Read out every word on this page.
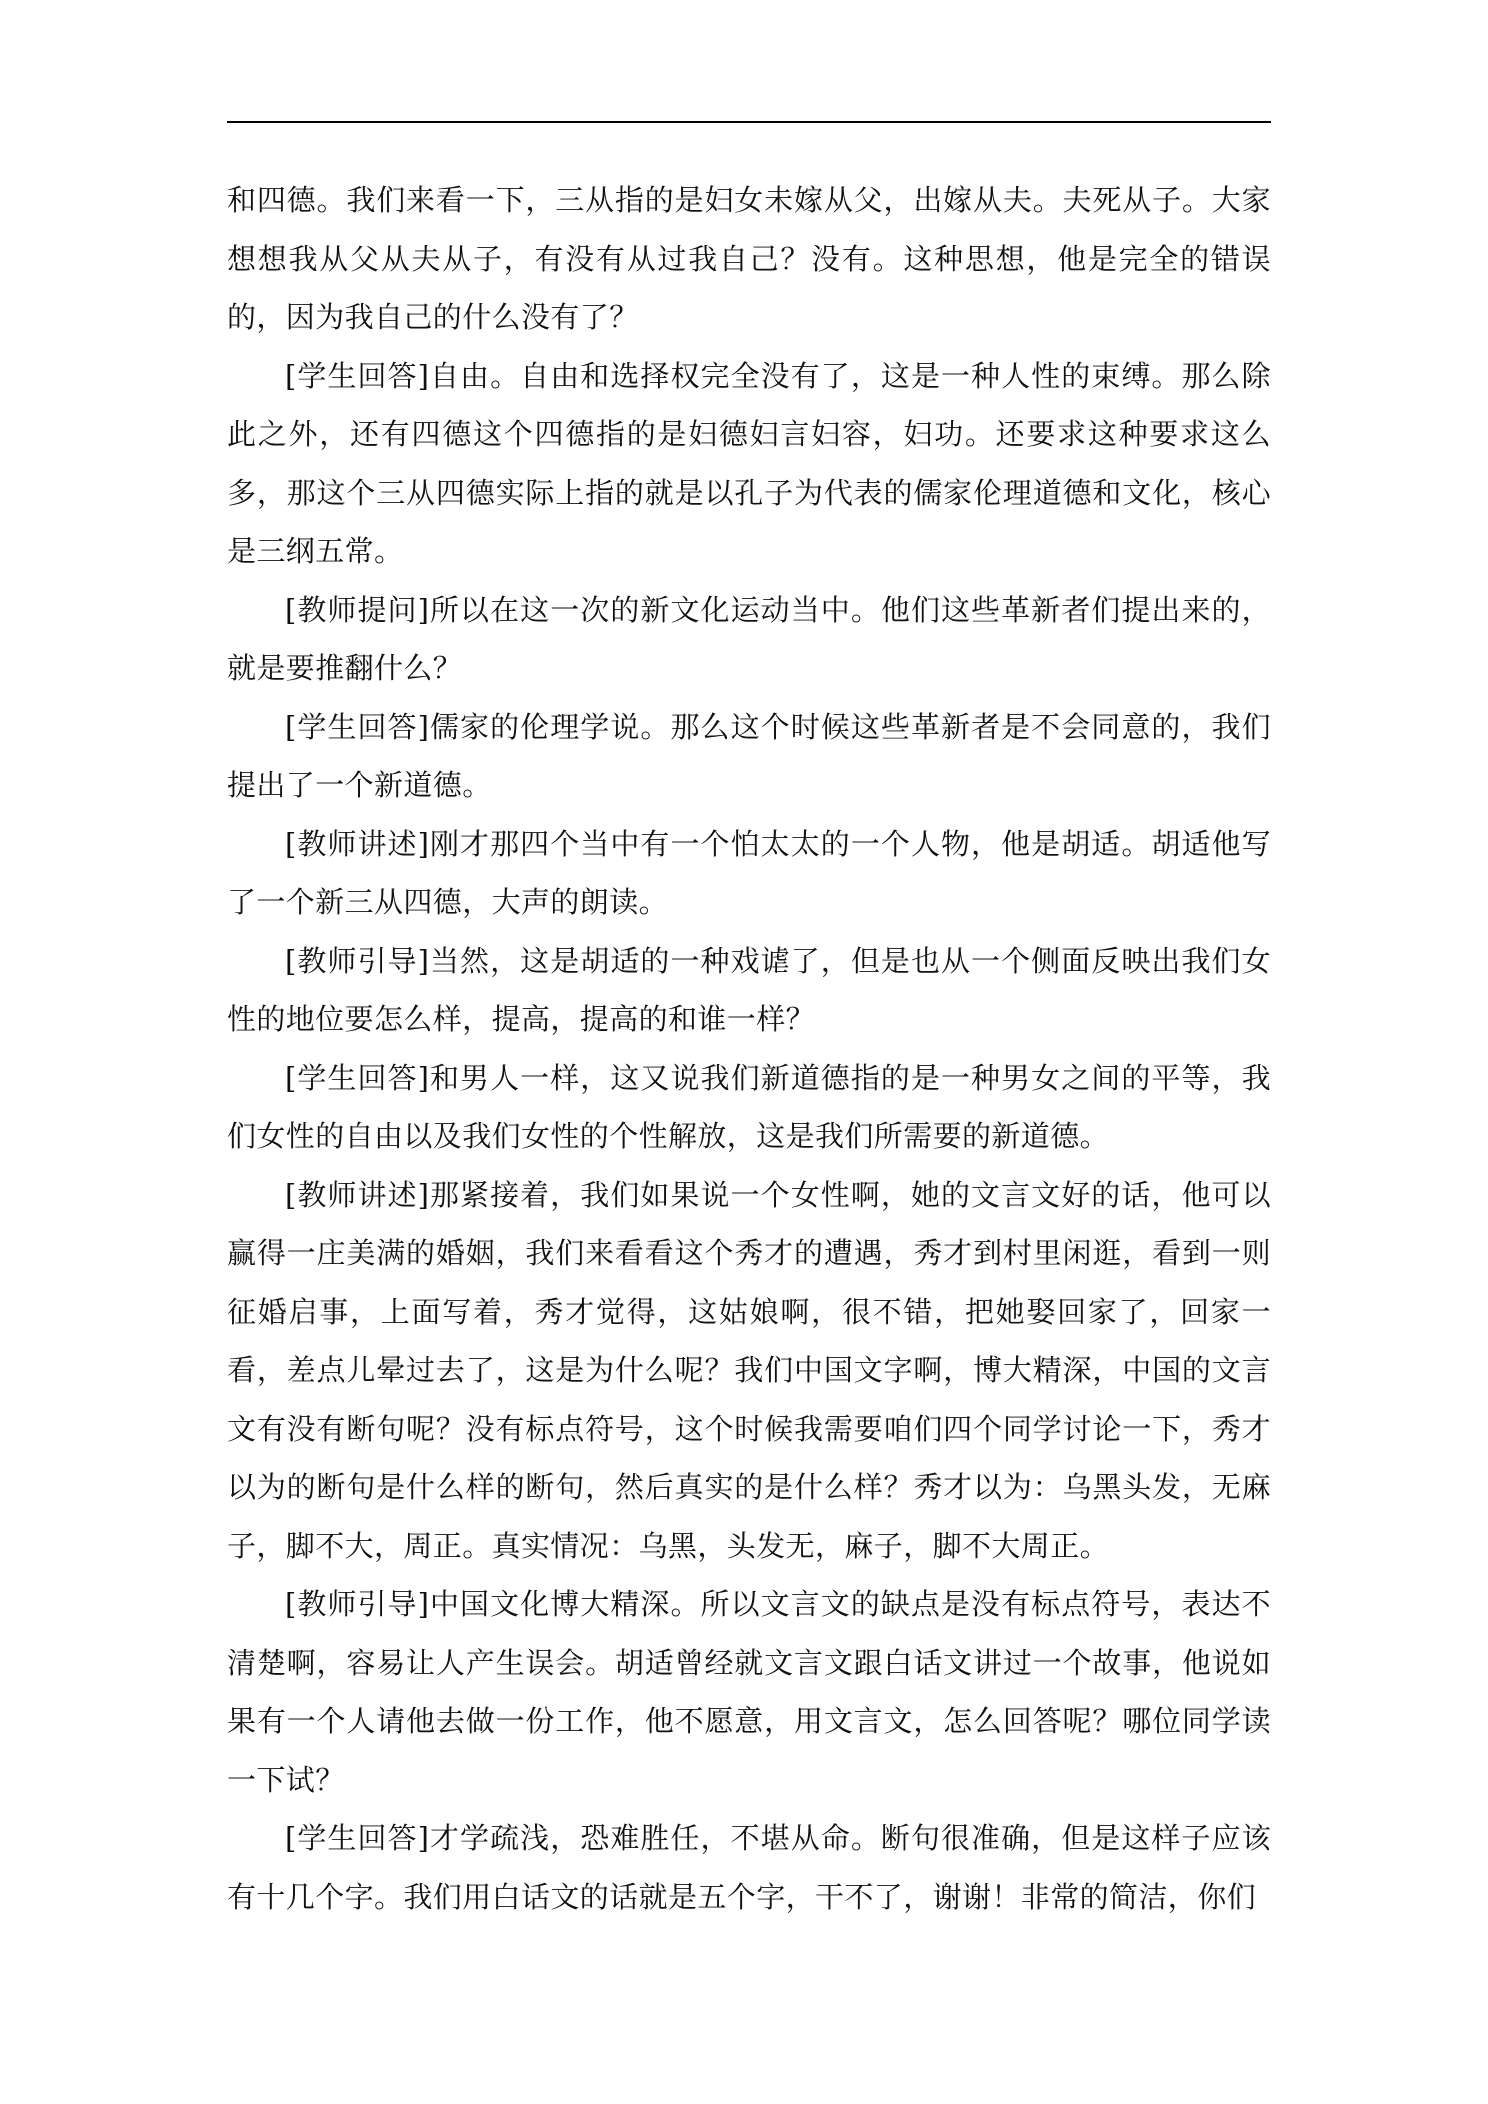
和四德。我们来看一下，三从指的是妇女未嫁从父，出嫁从夫。夫死从子。大家想想我从父从夫从子，有没有从过我自己？没有。这种思想，他是完全的错误的，因为我自己的什么没有了？

[学生回答]自由。自由和选择权完全没有了，这是一种人性的束缚。那么除此之外，还有四德这个四德指的是妇德妇言妇容，妇功。还要求这种要求这么多，那这个三从四德实际上指的就是以孔子为代表的儒家伦理道德和文化，核心是三纲五常。

[教师提问]所以在这一次的新文化运动当中。他们这些革新者们提出来的，就是要推翻什么？

[学生回答]儒家的伦理学说。那么这个时候这些革新者是不会同意的，我们提出了一个新道德。

[教师讲述]刚才那四个当中有一个怕太太的一个人物，他是胡适。胡适他写了一个新三从四德，大声的朗读。

[教师引导]当然，这是胡适的一种戏谑了，但是也从一个侧面反映出我们女性的地位要怎么样，提高，提高的和谁一样？

[学生回答]和男人一样，这又说我们新道德指的是一种男女之间的平等，我们女性的自由以及我们女性的个性解放，这是我们所需要的新道德。

[教师讲述]那紧接着，我们如果说一个女性啊，她的文言文好的话，他可以赢得一庄美满的婚姻，我们来看看这个秀才的遭遇，秀才到村里闲逛，看到一则征婚启事，上面写着，秀才觉得，这姑娘啊，很不错，把她娶回家了，回家一看，差点儿晕过去了，这是为什么呢？我们中国文字啊，博大精深，中国的文言文有没有断句呢？没有标点符号，这个时候我需要咱们四个同学讨论一下，秀才以为的断句是什么样的断句，然后真实的是什么样？秀才以为：乌黑头发，无麻子，脚不大，周正。真实情况：乌黑，头发无，麻子，脚不大周正。

[教师引导]中国文化博大精深。所以文言文的缺点是没有标点符号，表达不清楚啊，容易让人产生误会。胡适曾经就文言文跟白话文讲过一个故事，他说如果有一个人请他去做一份工作，他不愿意，用文言文，怎么回答呢？哪位同学读一下试？

[学生回答]才学疏浅，恐难胜任，不堪从命。断句很准确，但是这样子应该有十几个字。我们用白话文的话就是五个字，干不了，谢谢！非常的简洁，你们
